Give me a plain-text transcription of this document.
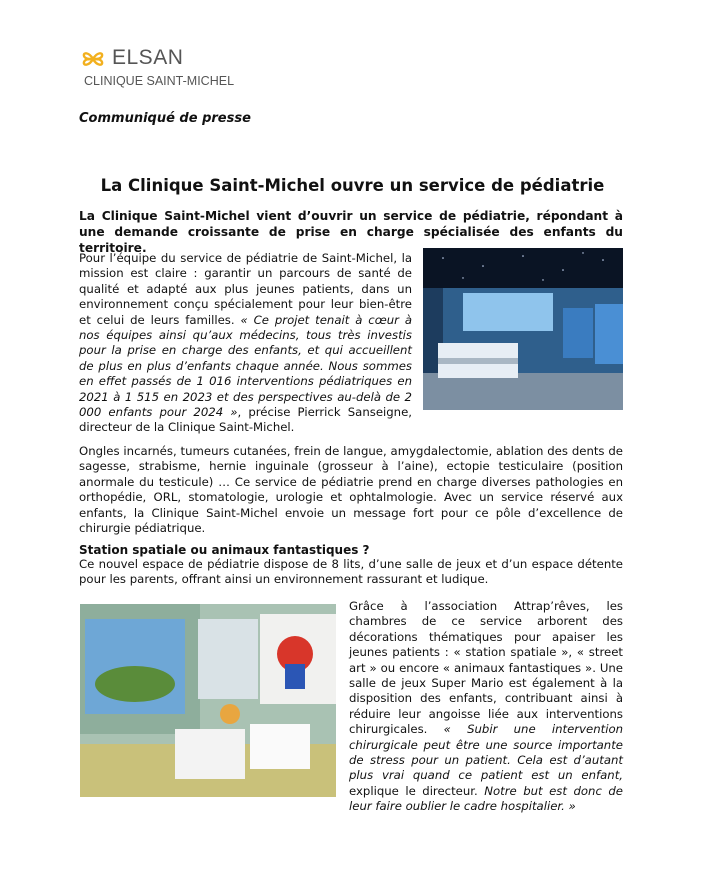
ELSAN
CLINIQUE SAINT-MICHEL
Communiqué de presse
La Clinique Saint-Michel ouvre un service de pédiatrie
La Clinique Saint-Michel vient d’ouvrir un service de pédiatrie, répondant à une demande croissante de prise en charge spécialisée des enfants du territoire.
Pour l’équipe du service de pédiatrie de Saint-Michel, la mission est claire : garantir un parcours de santé de qualité et adapté aux plus jeunes patients, dans un environnement conçu spécialement pour leur bien-être et celui de leurs familles. « Ce projet tenait à cœur à nos équipes ainsi qu’aux médecins, tous très investis pour la prise en charge des enfants, et qui accueillent de plus en plus d’enfants chaque année. Nous sommes en effet passés de 1 016 interventions pédiatriques en 2021 à 1 515 en 2023 et des perspectives au-delà de 2 000 enfants pour 2024 », précise Pierrick Sanseigne, directeur de la Clinique Saint-Michel.
Ongles incarnés, tumeurs cutanées, frein de langue, amygdalectomie, ablation des dents de sagesse, strabisme, hernie inguinale (grosseur à l’aine), ectopie testiculaire (position anormale du testicule) … Ce service de pédiatrie prend en charge diverses pathologies en orthopédie, ORL, stomatologie, urologie et ophtalmologie. Avec un service réservé aux enfants, la Clinique Saint-Michel envoie un message fort pour ce pôle d’excellence de chirurgie pédiatrique.
Station spatiale ou animaux fantastiques ?
Ce nouvel espace de pédiatrie dispose de 8 lits, d’une salle de jeux et d’un espace détente pour les parents, offrant ainsi un environnement rassurant et ludique.
Grâce à l’association Attrap’rêves, les chambres de ce service arborent des décorations thématiques pour apaiser les jeunes patients : « station spatiale », « street art » ou encore « animaux fantastiques ». Une salle de jeux Super Mario est également à la disposition des enfants, contribuant ainsi à réduire leur angoisse liée aux interventions chirurgicales. « Subir une intervention chirurgicale peut être une source importante de stress pour un patient. Cela est d’autant plus vrai quand ce patient est un enfant, explique le directeur. Notre but est donc de leur faire oublier le cadre hospitalier. »
